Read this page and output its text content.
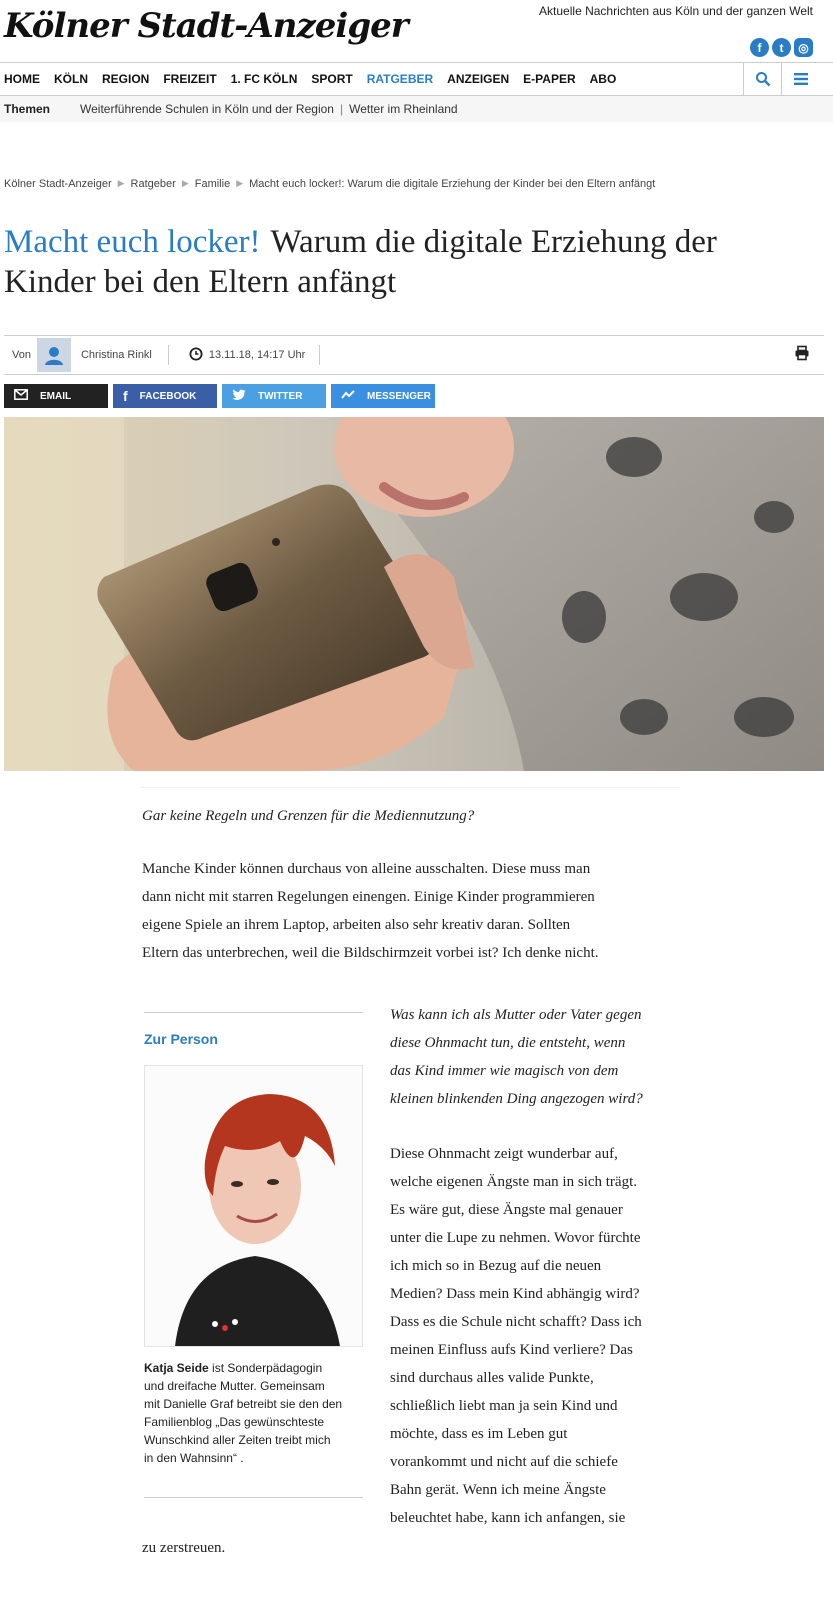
Kölner Stadt-Anzeiger	Aktuelle Nachrichten aus Köln und der ganzen Welt
f	t	◎
HOME KÖLN REGION FREIZEIT 1. FC KÖLN SPORT RATGEBER ANZEIGEN E-PAPER ABO
Themen	Weiterführende Schulen in Köln und der Region | Wetter im Rheinland
Kölner Stadt-Anzeiger ▶ Ratgeber ▶ Familie ▶ Macht euch locker!: Warum die digitale Erziehung der Kinder bei den Eltern anfängt
Macht euch locker! Warum die digitale Erziehung der Kinder bei den Eltern anfängt
Von	Christina Rinkl	13.11.18, 14:17 Uhr
EMAIL	f FACEBOOK	TWITTER	MESSENGER
Gar keine Regeln und Grenzen für die Mediennutzung?
Manche Kinder können durchaus von alleine ausschalten. Diese muss man
dann nicht mit starren Regelungen einengen. Einige Kinder programmieren
eigene Spiele an ihrem Laptop, arbeiten also sehr kreativ daran. Sollten
Eltern das unterbrechen, weil die Bildschirmzeit vorbei ist? Ich denke nicht.
Was kann ich als Mutter oder Vater gegen
diese Ohnmacht tun, die entsteht, wenn
das Kind immer wie magisch von dem
kleinen blinkenden Ding angezogen wird?
Diese Ohnmacht zeigt wunderbar auf,
welche eigenen Ängste man in sich trägt.
Es wäre gut, diese Ängste mal genauer
unter die Lupe zu nehmen. Wovor fürchte
ich mich so in Bezug auf die neuen
Medien? Dass mein Kind abhängig wird?
Dass es die Schule nicht schafft? Dass ich
meinen Einfluss aufs Kind verliere? Das
sind durchaus alles valide Punkte,
schließlich liebt man ja sein Kind und
möchte, dass es im Leben gut
vorankommt und nicht auf die schiefe
Bahn gerät. Wenn ich meine Ängste
beleuchtet habe, kann ich anfangen, sie
zu zerstreuen.
Zur Person
Katja Seide ist Sonderpädagogin
und dreifache Mutter. Gemeinsam
mit Danielle Graf betreibt sie den den
Familienblog „Das gewünschteste
Wunschkind aller Zeiten treibt mich
in den Wahnsinn“ .
